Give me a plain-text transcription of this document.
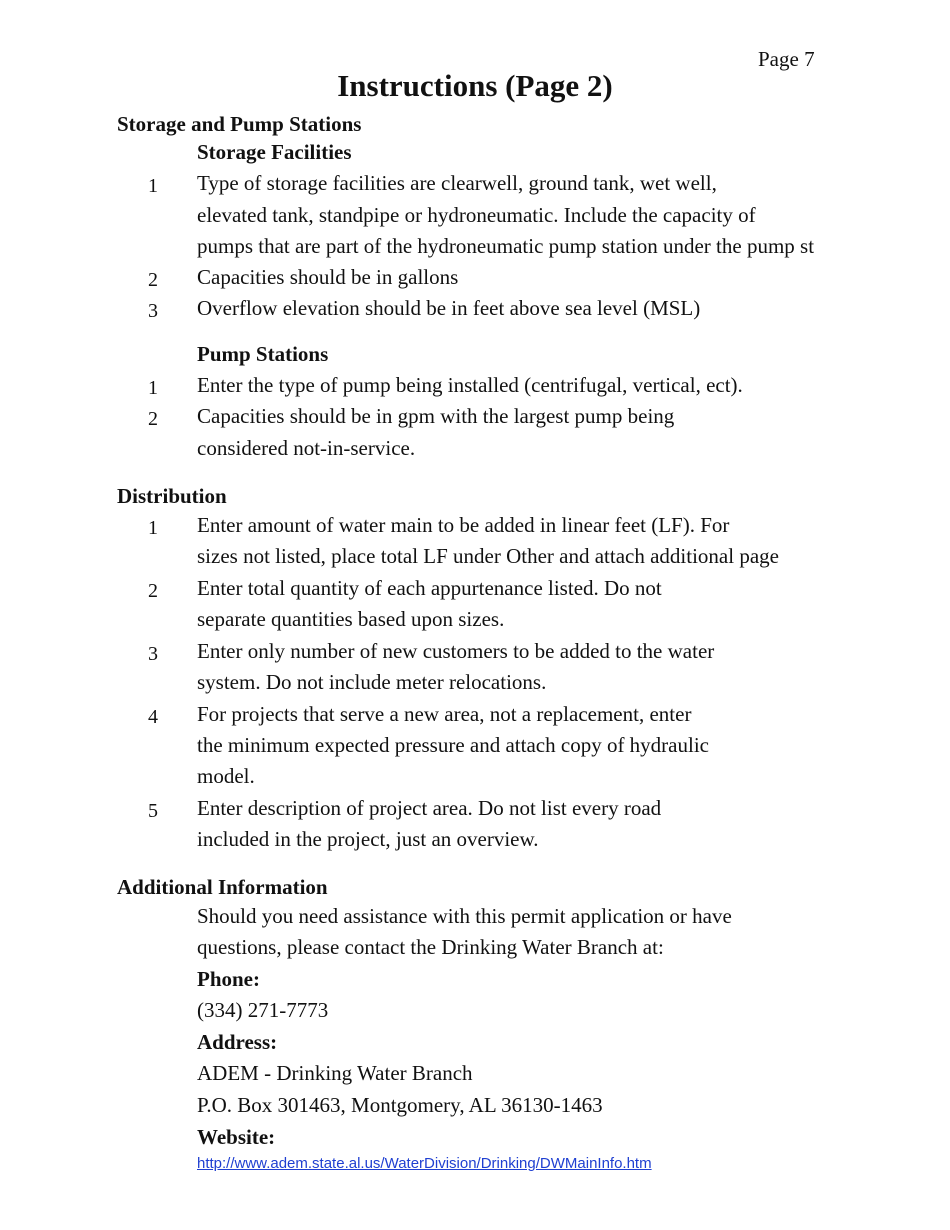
Page 7
Instructions (Page 2)
Storage and Pump Stations
Storage Facilities
1 Type of storage facilities are clearwell, ground tank, wet well,
elevated tank, standpipe or hydroneumatic. Include the capacity of
pumps that are part of the hydroneumatic pump station under the pump st
2 Capacities should be in gallons
3 Overflow elevation should be in feet above sea level (MSL)
Pump Stations
1 Enter the type of pump being installed (centrifugal, vertical, ect).
2 Capacities should be in gpm with the largest pump being
considered not-in-service.
Distribution
1 Enter amount of water main to be added in linear feet (LF). For
sizes not listed, place total LF under Other and attach additional page
2 Enter total quantity of each appurtenance listed. Do not
separate quantities based upon sizes.
3 Enter only number of new customers to be added to the water
system. Do not include meter relocations.
4 For projects that serve a new area, not a replacement, enter
the minimum expected pressure and attach copy of hydraulic
model.
5 Enter description of project area. Do not list every road
included in the project, just an overview.
Additional Information
Should you need assistance with this permit application or have
questions, please contact the Drinking Water Branch at:
Phone:
(334) 271-7773
Address:
ADEM - Drinking Water Branch
P.O. Box 301463, Montgomery, AL 36130-1463
Website:
http://www.adem.state.al.us/WaterDivision/Drinking/DWMainInfo.htm
